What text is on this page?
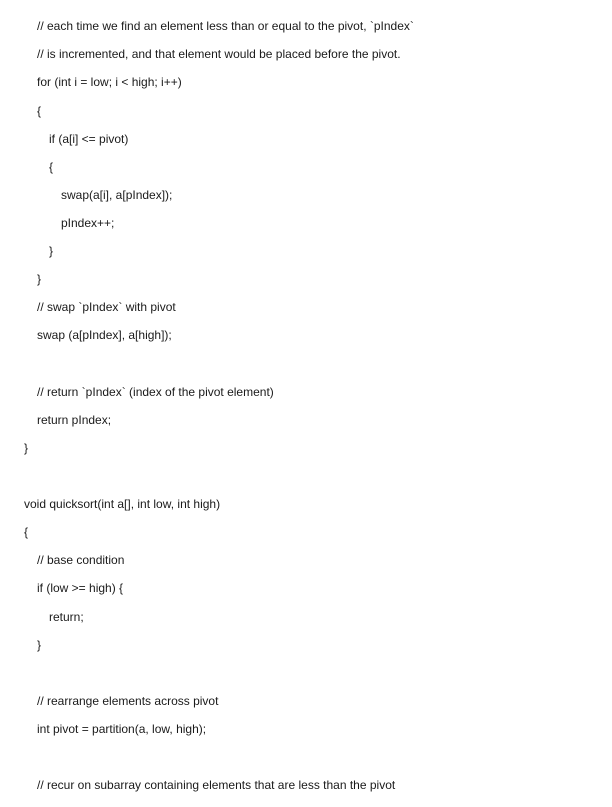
// each time we find an element less than or equal to the pivot, `pIndex`
// is incremented, and that element would be placed before the pivot.
for (int i = low; i < high; i++)
{
if (a[i] <= pivot)
{
swap(a[i], a[pIndex]);
pIndex++;
}
}
// swap `pIndex` with pivot
swap (a[pIndex], a[high]);
// return `pIndex` (index of the pivot element)
return pIndex;
}
void quicksort(int a[], int low, int high)
{
// base condition
if (low >= high) {
return;
}
// rearrange elements across pivot
int pivot = partition(a, low, high);
// recur on subarray containing elements that are less than the pivot
